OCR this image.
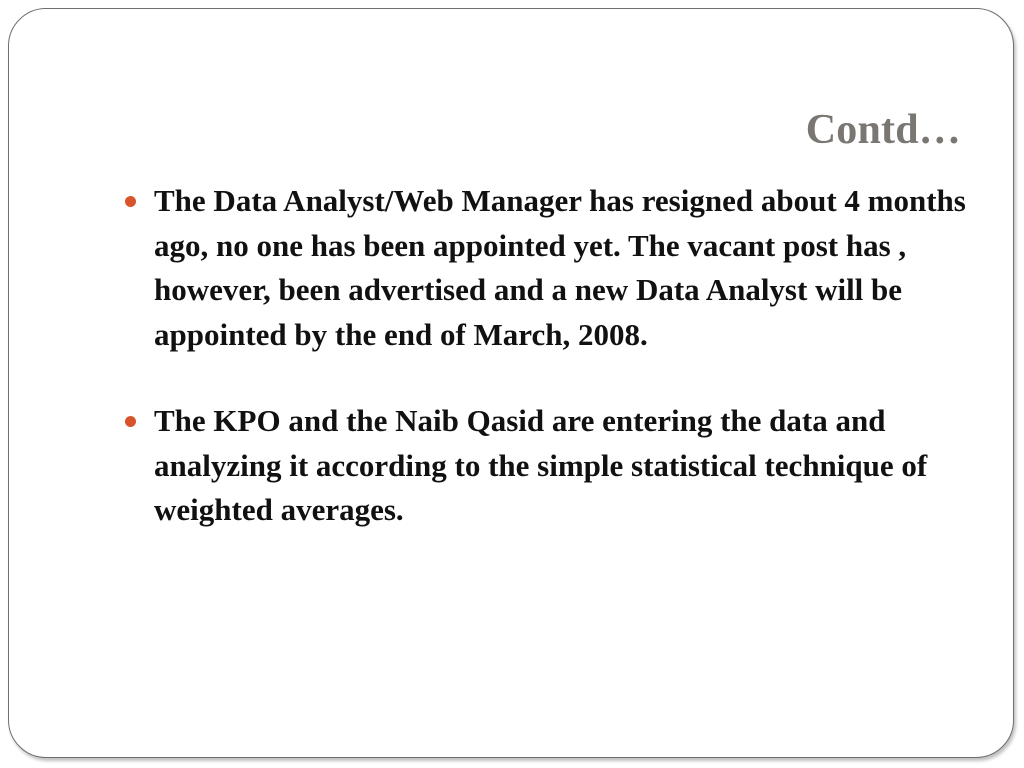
Contd…
The Data Analyst/Web Manager has resigned about 4 months ago, no one has been appointed yet. The vacant post has , however, been advertised and a new Data Analyst will be appointed by the end of March, 2008.
The KPO and the Naib Qasid are entering the data and analyzing it according to the simple statistical technique of weighted averages.
